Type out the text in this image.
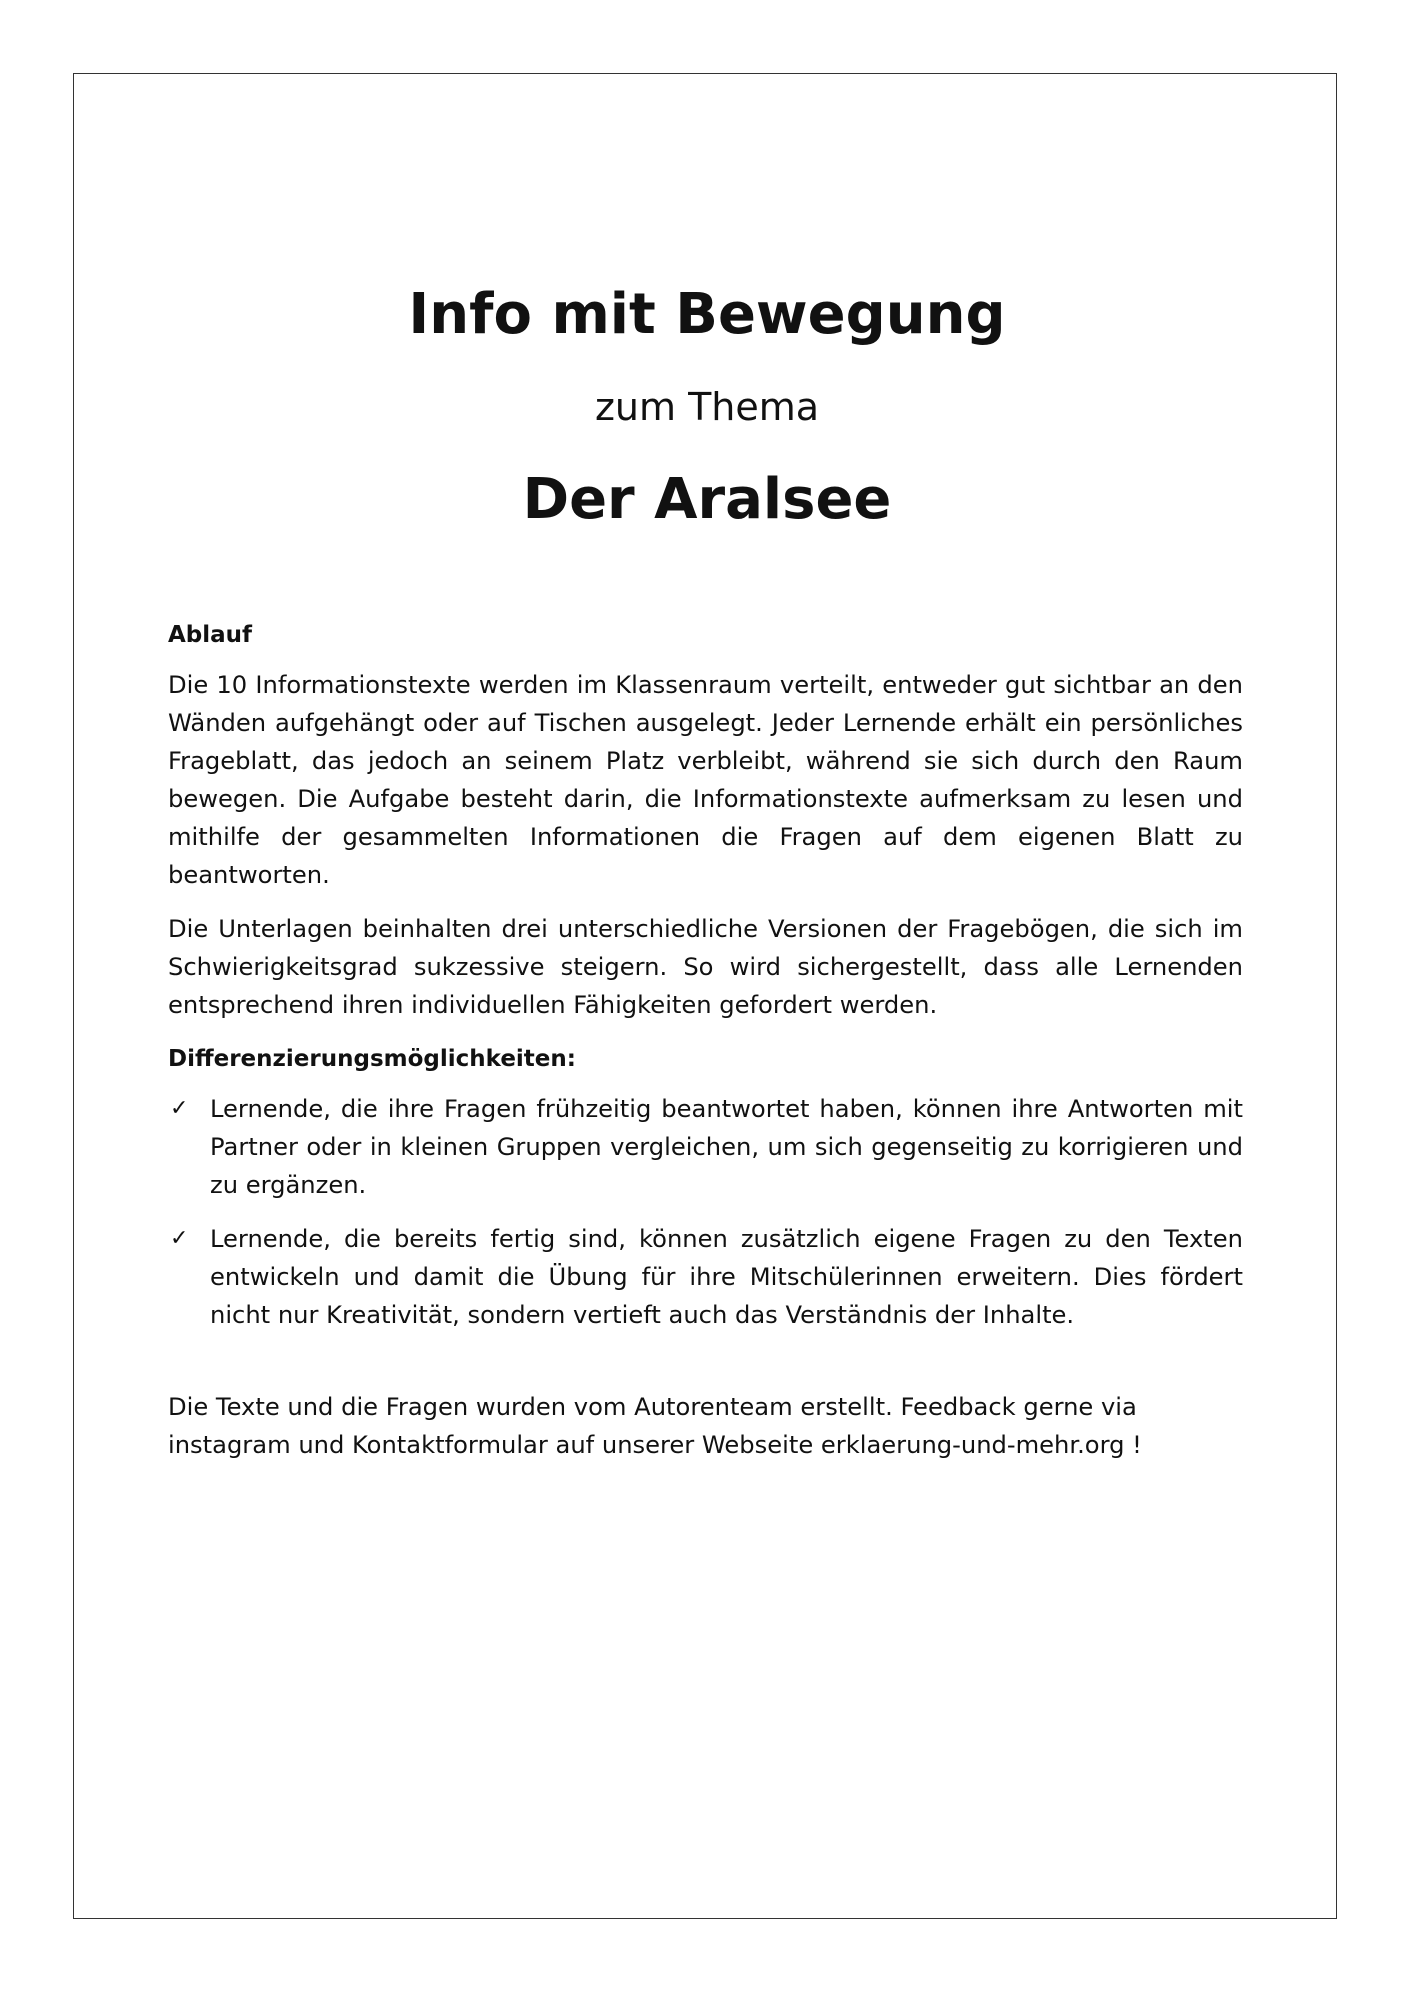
Info mit Bewegung

zum Thema

Der Aralsee
Ablauf

Die 10 Informationstexte werden im Klassenraum verteilt, entweder gut sichtbar an den Wänden aufgehängt oder auf Tischen ausgelegt. Jeder Lernende erhält ein persönliches Frageblatt, das jedoch an seinem Platz verbleibt, während sie sich durch den Raum bewegen. Die Aufgabe besteht darin, die Informationstexte aufmerksam zu lesen und mithilfe der gesammelten Informationen die Fragen auf dem eigenen Blatt zu beantworten.

Die Unterlagen beinhalten drei unterschiedliche Versionen der Fragebögen, die sich im Schwierigkeitsgrad sukzessive steigern. So wird sichergestellt, dass alle Lernenden entsprechend ihren individuellen Fähigkeiten gefordert werden.

Differenzierungsmöglichkeiten:
✓ Lernende, die ihre Fragen frühzeitig beantwortet haben, können ihre Antworten mit Partner oder in kleinen Gruppen vergleichen, um sich gegenseitig zu korrigieren und zu ergänzen.
✓ Lernende, die bereits fertig sind, können zusätzlich eigene Fragen zu den Texten entwickeln und damit die Übung für ihre Mitschülerinnen erweitern. Dies fördert nicht nur Kreativität, sondern vertieft auch das Verständnis der Inhalte.

Die Texte und die Fragen wurden vom Autorenteam erstellt. Feedback gerne via instagram und Kontaktformular auf unserer Webseite erklaerung-und-mehr.org !
